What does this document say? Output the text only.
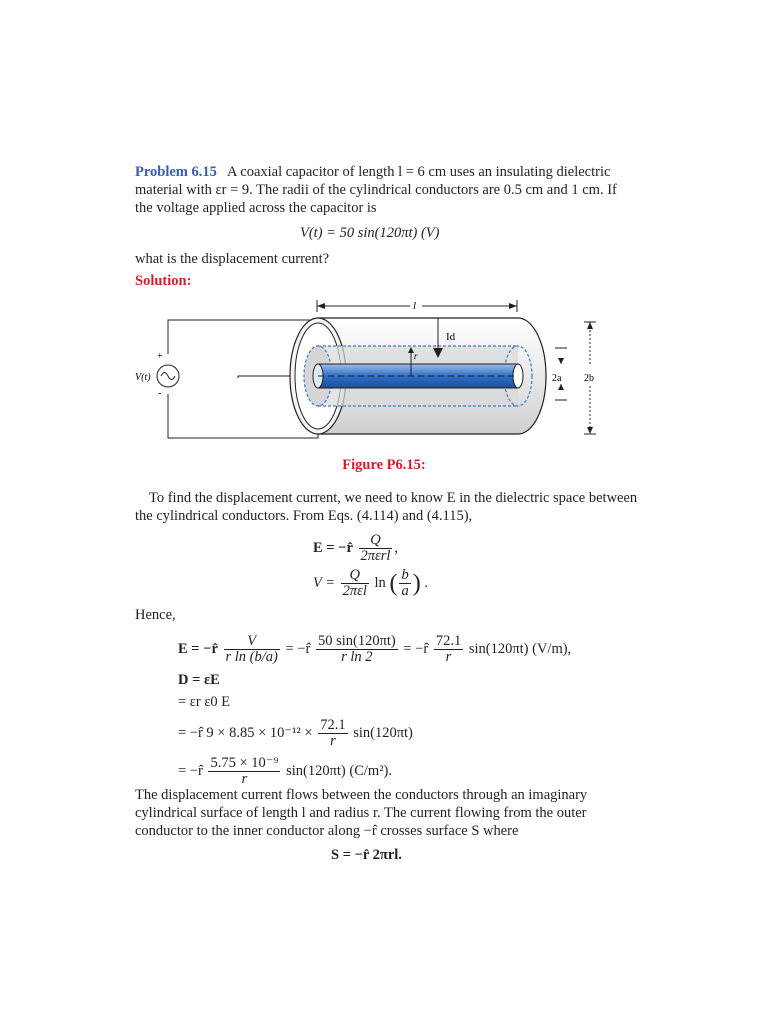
Problem 6.15 A coaxial capacitor of length l = 6 cm uses an insulating dielectric
material with εr = 9. The radii of the cylindrical conductors are 0.5 cm and 1 cm. If
the voltage applied across the capacitor is
V(t) = 50 sin(120πt) (V)
what is the displacement current?
Solution:
+
-
V(t)
r
Id
l
2a 2b
Figure P6.15:
To find the displacement current, we need to know E in the dielectric space between
the cylindrical conductors. From Eqs. (4.114) and (4.115),
E = −r̂ $\frac{Q}{\text{2πεrl}}$ ,
$V = \frac{Q}{\text{2πεl}}$ ln ( $\frac{b}{a}$ ) .
Hence,
E = −r̂ $\frac{V}{\text{r ln (b/a)}}$ = −r̂ $\frac{50 \sin(120\pi t)}{\text{r ln 2}}$ = −r̂ $\frac{72.1}{r} \sin(120\pi t)$ (V/m),
D = εE
= εr ε0 E
= −r̂ $9 \times 8.85 \times 10^{-12} \times \frac{72.1}{r} \sin(120\pi t)$
= −r̂ $\frac{\text{5.75 × 10⁻⁹}}{r} \sin(120\pi t)$ (C/m²).
The displacement current flows between the conductors through an imaginary
cylindrical surface of length l and radius r. The current flowing from the outer
conductor to the inner conductor along −r̂ crosses surface S where
S = −r̂ 2πrl.
